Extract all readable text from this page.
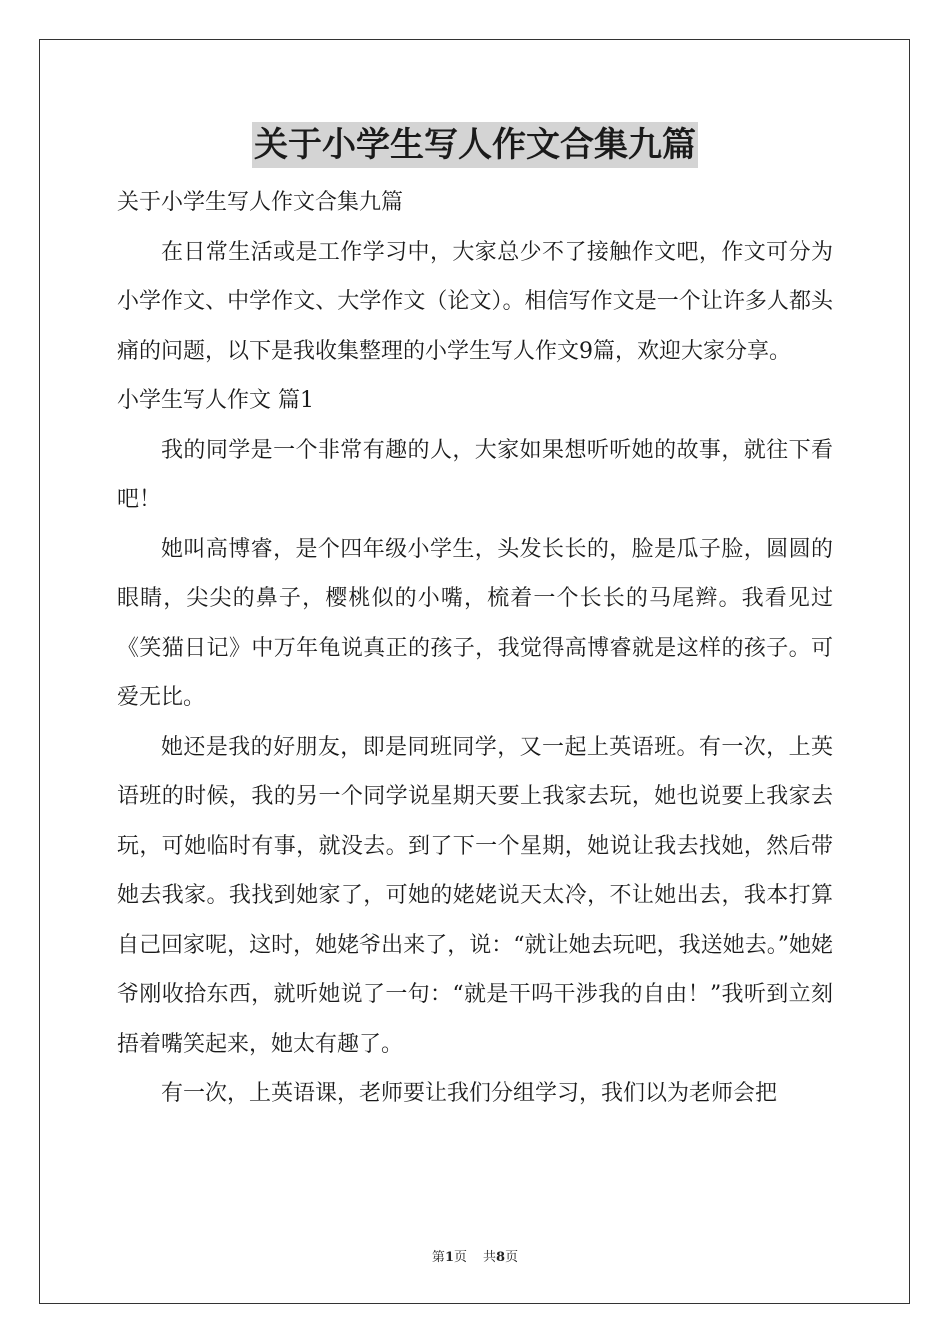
关于小学生写人作文合集九篇

关于小学生写人作文合集九篇

在日常生活或是工作学习中，大家总少不了接触作文吧，作文可分为小学作文、中学作文、大学作文（论文）。相信写作文是一个让许多人都头痛的问题，以下是我收集整理的小学生写人作文9篇，欢迎大家分享。

小学生写人作文 篇1

我的同学是一个非常有趣的人，大家如果想听听她的故事，就往下看吧！

她叫高博睿，是个四年级小学生，头发长长的，脸是瓜子脸，圆圆的眼睛，尖尖的鼻子，樱桃似的小嘴，梳着一个长长的马尾辫。我看见过《笑猫日记》中万年龟说真正的孩子，我觉得高博睿就是这样的孩子。可爱无比。

她还是我的好朋友，即是同班同学，又一起上英语班。有一次，上英语班的时候，我的另一个同学说星期天要上我家去玩，她也说要上我家去玩，可她临时有事，就没去。到了下一个星期，她说让我去找她，然后带她去我家。我找到她家了，可她的姥姥说天太冷，不让她出去，我本打算自己回家呢，这时，她姥爷出来了，说：“就让她去玩吧，我送她去。”她姥爷刚收拾东西，就听她说了一句：“就是干吗干涉我的自由！”我听到立刻捂着嘴笑起来，她太有趣了。

有一次，上英语课，老师要让我们分组学习，我们以为老师会把

第1页 共8页
